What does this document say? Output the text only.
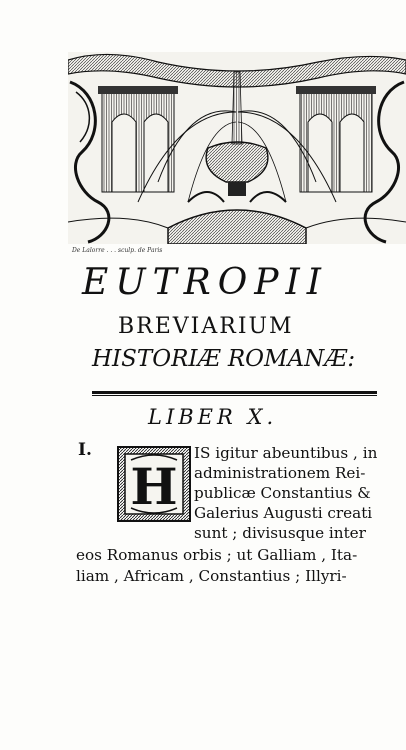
De Lalorre . . . sculp. de Paris
EUTROPII
BREVIARIUM
HISTORIÆ ROMANÆ:
LIBER X.
I.
H
IS igitur abeuntibus , in
administrationem Rei-
publicæ Constantius &
Galerius Augusti creati
sunt ; divisusque inter
eos Romanus orbis ; ut Galliam , Ita-
liam , Africam , Constantius ; Illyri-
